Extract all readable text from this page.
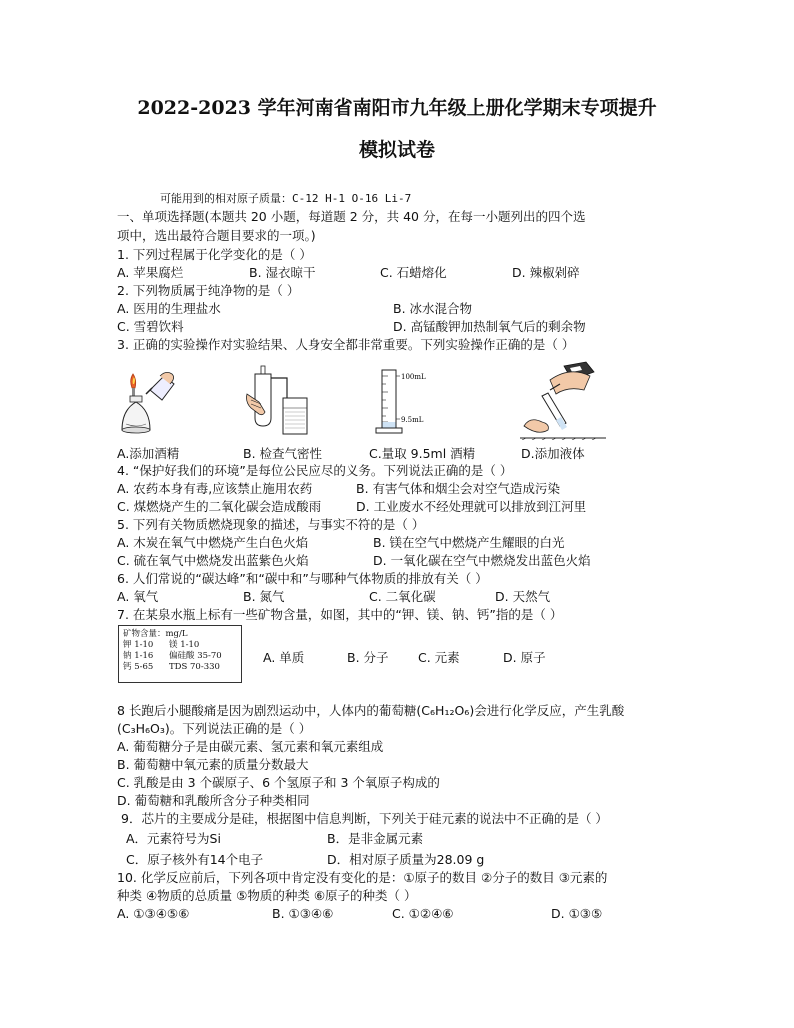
2022-2023 学年河南省南阳市九年级上册化学期末专项提升
模拟试卷
可能用到的相对原子质量：C-12 H-1 O-16 Li-7
一、单项选择题(本题共 20 小题，每道题 2 分，共 40 分，在每一小题列出的四个选
项中，选出最符合题目要求的一项。)
1. 下列过程属于化学变化的是（ ）
A. 苹果腐烂	B. 湿衣晾干	C. 石蜡熔化	D. 辣椒剁碎
2. 下列物质属于纯净物的是（ ）
A. 医用的生理盐水	B. 冰水混合物
C. 雪碧饮料	D. 高锰酸钾加热制氧气后的剩余物
3. 正确的实验操作对实验结果、人身安全都非常重要。下列实验操作正确的是（ ）
100mL
9.5mL
A.添加酒精	B. 检查气密性	C.量取 9.5ml 酒精	D.添加液体
4. “保护好我们的环境”是每位公民应尽的义务。下列说法正确的是（ ）
A. 农药本身有毒,应该禁止施用农药	B. 有害气体和烟尘会对空气造成污染
C. 煤燃烧产生的二氧化碳会造成酸雨	D. 工业废水不经处理就可以排放到江河里
5. 下列有关物质燃烧现象的描述，与事实不符的是（ ）
A. 木炭在氧气中燃烧产生白色火焰	B. 镁在空气中燃烧产生耀眼的白光
C. 硫在氧气中燃烧发出蓝紫色火焰	D. 一氧化碳在空气中燃烧发出蓝色火焰
6. 人们常说的“碳达峰”和“碳中和”与哪种气体物质的排放有关（ ）
A. 氧气	B. 氮气	C. 二氧化碳	D. 天然气
7. 在某泉水瓶上标有一些矿物含量，如图，其中的“钾、镁、钠、钙”指的是（ ）
矿物含量：mg/L
钾 1-10 镁 1-10
钠 1-16 偏硅酸 35-70
钙 5-65 TDS 70-330
A. 单质	B. 分子 C. 元素	D. 原子
8 长跑后小腿酸痛是因为剧烈运动中，人体内的葡萄糖(C₆H₁₂O₆)会进行化学反应，产生乳酸
(C₃H₆O₃)。下列说法正确的是（ ）
A. 葡萄糖分子是由碳元素、氢元素和氧元素组成
B. 葡萄糖中氧元素的质量分数最大
C. 乳酸是由 3 个碳原子、6 个氢原子和 3 个氧原子构成的
D. 葡萄糖和乳酸所含分子种类相同
9．芯片的主要成分是硅，根据图中信息判断，下列关于硅元素的说法中不正确的是（ ）
A．元素符号为Si	B．是非金属元素
C．原子核外有14个电子	D．相对原子质量为28.09 g
10. 化学反应前后，下列各项中肯定没有变化的是：①原子的数目 ②分子的数目 ③元素的
种类 ④物质的总质量 ⑤物质的种类 ⑥原子的种类（ ）
A. ①③④⑤⑥	B. ①③④⑥	C. ①②④⑥	D. ①③⑤
